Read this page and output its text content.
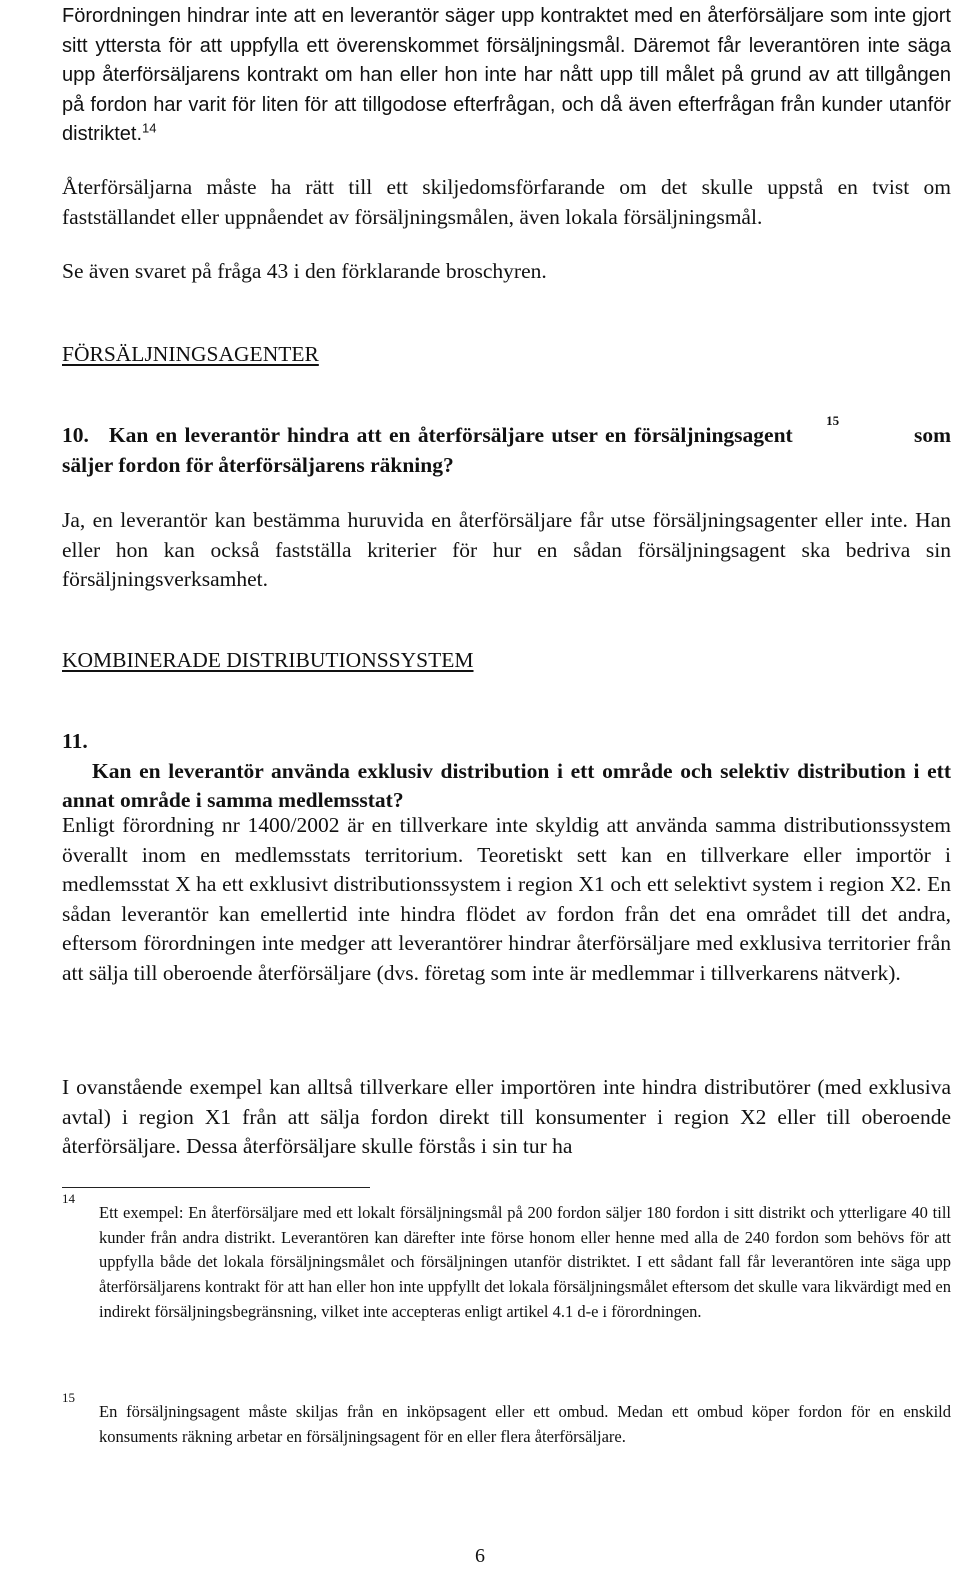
Förordningen hindrar inte att en leverantör säger upp kontraktet med en återförsäljare som inte gjort sitt yttersta för att uppfylla ett överenskommet försäljningsmål. Däremot får leverantören inte säga upp återförsäljarens kontrakt om han eller hon inte har nått upp till målet på grund av att tillgången på fordon har varit för liten för att tillgodose efterfrågan, och då även efterfrågan från kunder utanför distriktet.$^{14}$

Återförsäljarna måste ha rätt till ett skiljedomsförfarande om det skulle uppstå en tvist om fastställandet eller uppnåendet av försäljningsmålen, även lokala försäljningsmål.

Se även svaret på fråga 43 i den förklarande broschyren.

FÖRSÄLJNINGSAGENTER
10. Kan en leverantör hindra att en återförsäljare utser en försäljningsagent
15
som
säljer fordon för återförsäljarens räkning?

Ja, en leverantör kan bestämma huruvida en återförsäljare får utse försäljningsagenter eller inte. Han eller hon kan också fastställa kriterier för hur en sådan försäljningsagent ska bedriva sin försäljningsverksamhet.

KOMBINERADE DISTRIBUTIONSSYSTEM
11.
Kan en leverantör använda exklusiv distribution i ett område och selektiv distribution i ett annat område i samma medlemsstat?

Enligt förordning nr 1400/2002 är en tillverkare inte skyldig att använda samma distributionssystem överallt inom en medlemsstats territorium. Teoretiskt sett kan en tillverkare eller importör i medlemsstat X ha ett exklusivt distributionssystem i region X1 och ett selektivt system i region X2. En sådan leverantör kan emellertid inte hindra flödet av fordon från det ena området till det andra, eftersom förordningen inte medger att leverantörer hindrar återförsäljare med exklusiva territorier från att sälja till oberoende återförsäljare (dvs. företag som inte är medlemmar i tillverkarens nätverk).

I ovanstående exempel kan alltså tillverkare eller importören inte hindra distributörer (med exklusiva avtal) i region X1 från att sälja fordon direkt till konsumenter i region X2 eller till oberoende återförsäljare. Dessa återförsäljare skulle förstås i sin tur ha

14
Ett exempel: En återförsäljare med ett lokalt försäljningsmål på 200 fordon säljer 180 fordon i sitt distrikt och ytterligare 40 till kunder från andra distrikt. Leverantören kan därefter inte förse honom eller henne med alla de 240 fordon som behövs för att uppfylla både det lokala försäljningsmålet och försäljningen utanför distriktet. I ett sådant fall får leverantören inte säga upp återförsäljarens kontrakt för att han eller hon inte uppfyllt det lokala försäljningsmålet eftersom det skulle vara likvärdigt med en indirekt försäljningsbegränsning, vilket inte accepteras enligt artikel 4.1 d-e i förordningen.
15
En försäljningsagent måste skiljas från en inköpsagent eller ett ombud. Medan ett ombud köper fordon för en enskild konsuments räkning arbetar en försäljningsagent för en eller flera återförsäljare.
6
